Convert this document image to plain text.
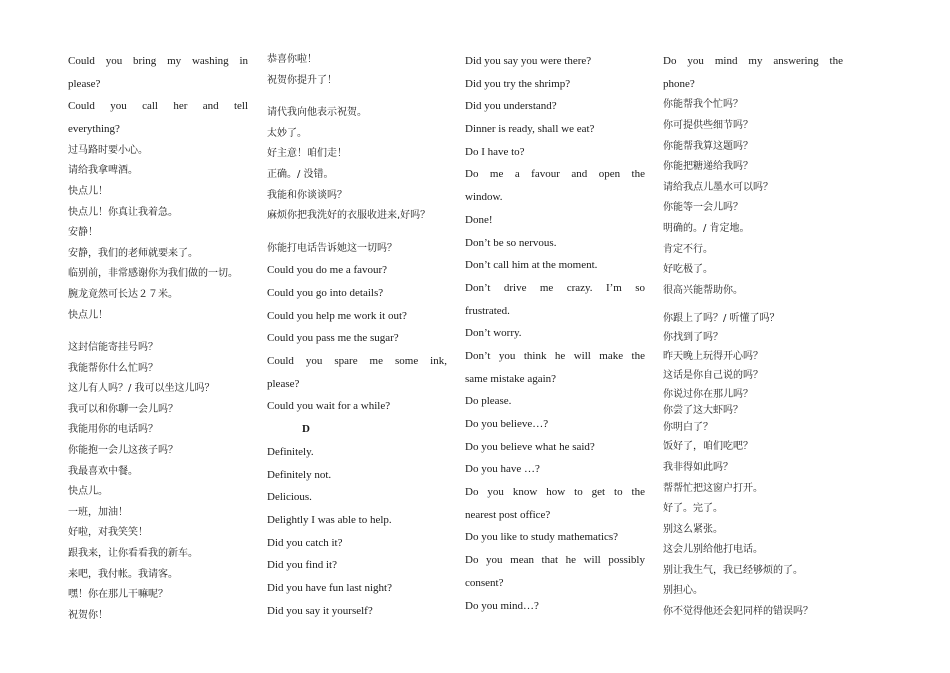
Could you bring my washing in
please?
Could you call her and tell
everything?
过马路时要小心。
请给我拿啤酒。
快点儿！
快点儿！你真让我着急。
安静！
安静，我们的老师就要来了。
临别前，非常感谢你为我们做的一切。
腕龙竟然可长达２７米。
快点儿！
这封信能寄挂号吗？
我能帮你什么忙吗？
这儿有人吗？/ 我可以坐这儿吗？
我可以和你聊一会儿吗？
我能用你的电话吗？
你能抱一会儿这孩子吗？
我最喜欢中餐。
快点儿。
一班，加油！
好啦，对我笑笑！
跟我来，让你看看我的新车。
来吧，我付帐。我请客。
嘿！你在那儿干嘛呢？
祝贺你！
恭喜你啦！
祝贺你提升了！
请代我向他表示祝贺。
太妙了。
好主意！咱们走！
正确。/ 没错。
我能和你谈谈吗？
麻烦你把我洗好的衣服收进来,好吗？
你能打电话告诉她这一切吗？
Could you do me a favour?
Could you go into details?
Could you help me work it out?
Could you pass me the sugar?
Could you spare me some ink,
please?
Could you wait for a while?
D
Definitely.
Definitely not.
Delicious.
Delightly I was able to help.
Did you catch it?
Did you find it?
Did you have fun last night?
Did you say it yourself?
Did you say you were there?
Did you try the shrimp?
Did you understand?
Dinner is ready, shall we eat?
Do I have to?
Do me a favour and open the
window.
Done!
Don’t be so nervous.
Don’t call him at the moment.
Don’t drive me crazy. I’m so
frustrated.
Don’t worry.
Don’t you think he will make the
same mistake again?
Do please.
Do you believe…?
Do you believe what he said?
Do you have …?
Do you know how to get to the
nearest post office?
Do you like to study mathematics?
Do you mean that he will possibly
consent?
Do you mind…?
Do you mind my answering the
phone?
你能帮我个忙吗？
你可提供些细节吗？
你能帮我算这题吗？
你能把糖递给我吗？
请给我点儿墨水可以吗？
你能等一会儿吗？
明确的。/ 肯定地。
肯定不行。
好吃极了。
很高兴能帮助你。
你跟上了吗？/ 听懂了吗？
你找到了吗？
昨天晚上玩得开心吗？
这话是你自己说的吗？
你说过你在那儿吗？
你尝了这大虾吗？
你明白了？
饭好了，咱们吃吧？
我非得如此吗？
帮帮忙把这窗户打开。
好了。完了。
别这么紧张。
这会儿别给他打电话。
别让我生气，我已经够烦的了。
别担心。
你不觉得他还会犯同样的错误吗？
